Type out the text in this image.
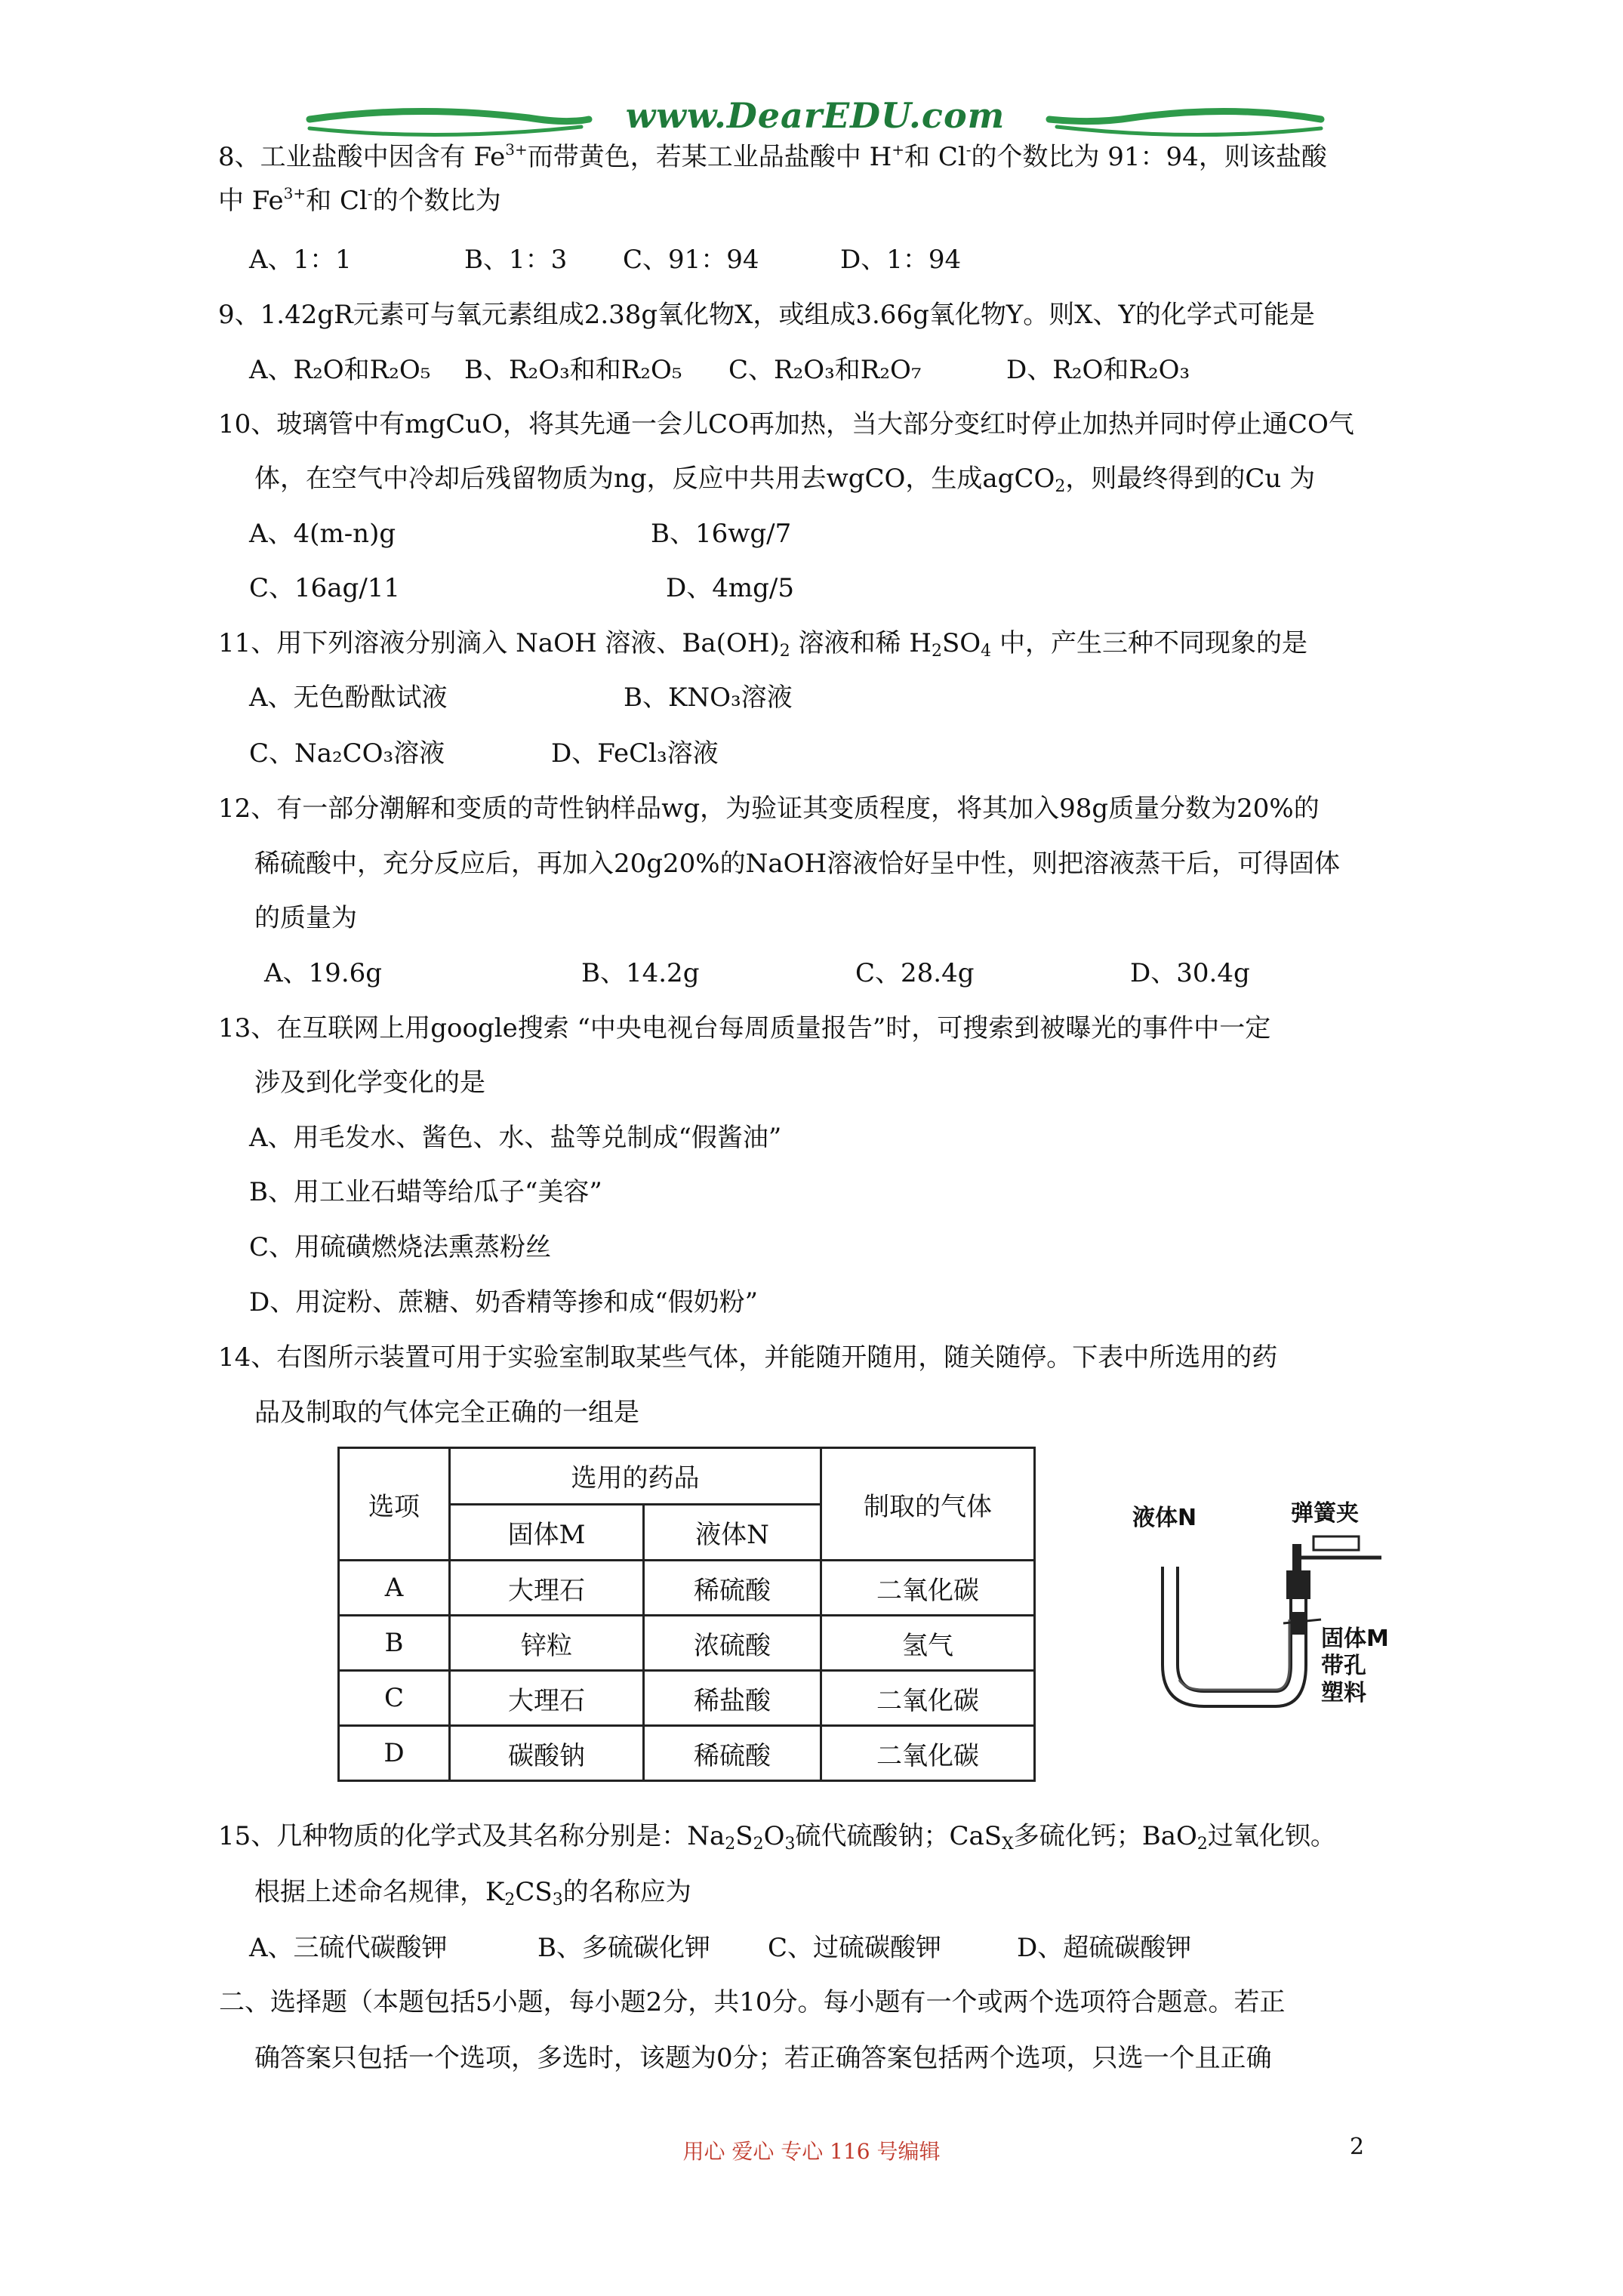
www.DearEDU.com
8、工业盐酸中因含有 $Fe^{3+}$而带黄色，若某工业品盐酸中 H+和 Cl-的个数比为 91：94，则该盐酸
中 $Fe^{3+}$和 Cl-的个数比为
A、1：1	B、1：3 C、91：94	D、1：94
9、1.42gR元素可与氧元素组成2.38g氧化物X，或组成3.66g氧化物Y。则X、Y的化学式可能是
A、R₂O和R₂O₅ B、R₂O₃和和R₂O₅ C、R₂O₃和R₂O₇	D、R₂O和R₂O₃
10、玻璃管中有mgCuO，将其先通一会儿CO再加热，当大部分变红时停止加热并同时停止通CO气
体，在空气中冷却后残留物质为ng，反应中共用去wgCO，生成agCO$_2$，则最终得到的Cu 为
A、4(m-n)g	B、16wg/7
C、16ag/11	D、4mg/5
11、用下列溶液分别滴入 NaOH 溶液、$Ba(OH)_2$ 溶液和稀 $H_2SO_4$ 中，产生三种不同现象的是
A、无色酚酞试液	B、KNO₃溶液
C、Na₂CO₃溶液	D、FeCl₃溶液
12、有一部分潮解和变质的苛性钠样品wg，为验证其变质程度，将其加入98g质量分数为20%的
稀硫酸中，充分反应后，再加入20g20%的NaOH溶液恰好呈中性，则把溶液蒸干后，可得固体
的质量为
A、19.6g	B、14.2g	C、28.4g	D、30.4g
13、在互联网上用google搜索 “中央电视台每周质量报告”时，可搜索到被曝光的事件中一定
涉及到化学变化的是
A、用毛发水、酱色、水、盐等兑制成“假酱油”
B、用工业石蜡等给瓜子“美容”
C、用硫磺燃烧法熏蒸粉丝
D、用淀粉、蔗糖、奶香精等掺和成“假奶粉”
14、右图所示装置可用于实验室制取某些气体，并能随开随用，随关随停。下表中所选用的药
品及制取的气体完全正确的一组是
选项	选用的药品		制取的气体
	固体M	液体N	
A	大理石	稀硫酸	二氧化碳
B	锌粒	浓硫酸	氢气
C	大理石	稀盐酸	二氧化碳
D	碳酸钠	稀硫酸	二氧化碳
液体N	弹簧夹
固体M
带孔
塑料
15、几种物质的化学式及其名称分别是：$Na_2S_2O_3$硫代硫酸钠；CaS$_X$多硫化钙；BaO$_2$过氧化钡。
根据上述命名规律，$K_2CS_3$的名称应为
A、三硫代碳酸钾	B、多硫碳化钾 C、过硫碳酸钾	D、超硫碳酸钾
二、选择题（本题包括5小题，每小题2分，共10分。每小题有一个或两个选项符合题意。若正
确答案只包括一个选项，多选时，该题为0分；若正确答案包括两个选项，只选一个且正确
用心 爱心 专心 116 号编辑	2
